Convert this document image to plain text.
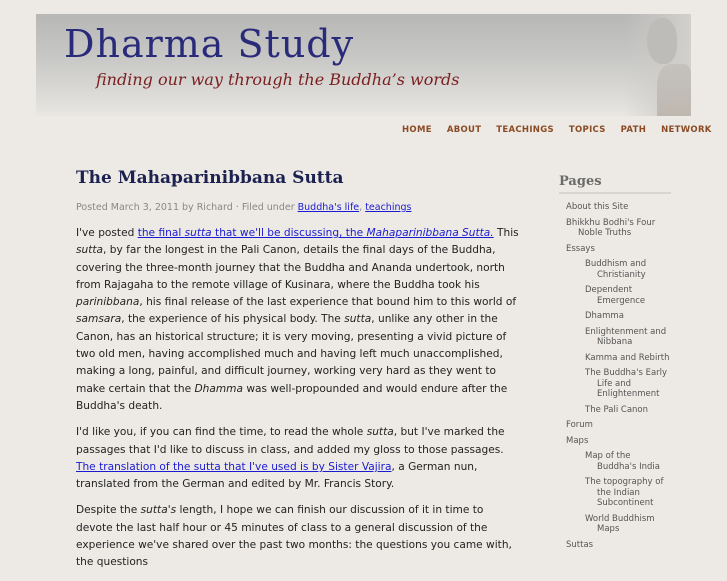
Dharma Study
finding our way through the Buddha’s words
HOME ABOUT TEACHINGS TOPICS PATH NETWORK
The Mahaparinibbana Sutta
Posted March 3, 2011 by Richard · Filed under Buddha's life, teachings

I've posted the final sutta that we'll be discussing, the Mahaparinibbana Sutta. This sutta, by far the longest in the Pali Canon, details the final days of the Buddha, covering the three-month journey that the Buddha and Ananda undertook, north from Rajagaha to the remote village of Kusinara, where the Buddha took his parinibbana, his final release of the last experience that bound him to this world of samsara, the experience of his physical body. The sutta, unlike any other in the Canon, has an historical structure; it is very moving, presenting a vivid picture of two old men, having accomplished much and having left much unaccomplished, making a long, painful, and difficult journey, working very hard as they went to make certain that the Dhamma was well-propounded and would endure after the Buddha's death.

I'd like you, if you can find the time, to read the whole sutta, but I've marked the passages that I'd like to discuss in class, and added my gloss to those passages. The translation of the sutta that I've used is by Sister Vajira, a German nun, translated from the German and edited by Mr. Francis Story.

Despite the sutta's length, I hope we can finish our discussion of it in time to devote the last half hour or 45 minutes of class to a general discussion of the experience we've shared over the past two months: the questions you came with, the questions

Pages
About this Site
Bhikkhu Bodhi's Four Noble Truths
Essays
Buddhism and Christianity
Dependent Emergence
Dhamma
Enlightenment and Nibbana
Kamma and Rebirth
The Buddha's Early Life and Enlightenment
The Pali Canon
Forum
Maps
Map of the Buddha's India
The topography of the Indian Subcontinent
World Buddhism Maps
Suttas
